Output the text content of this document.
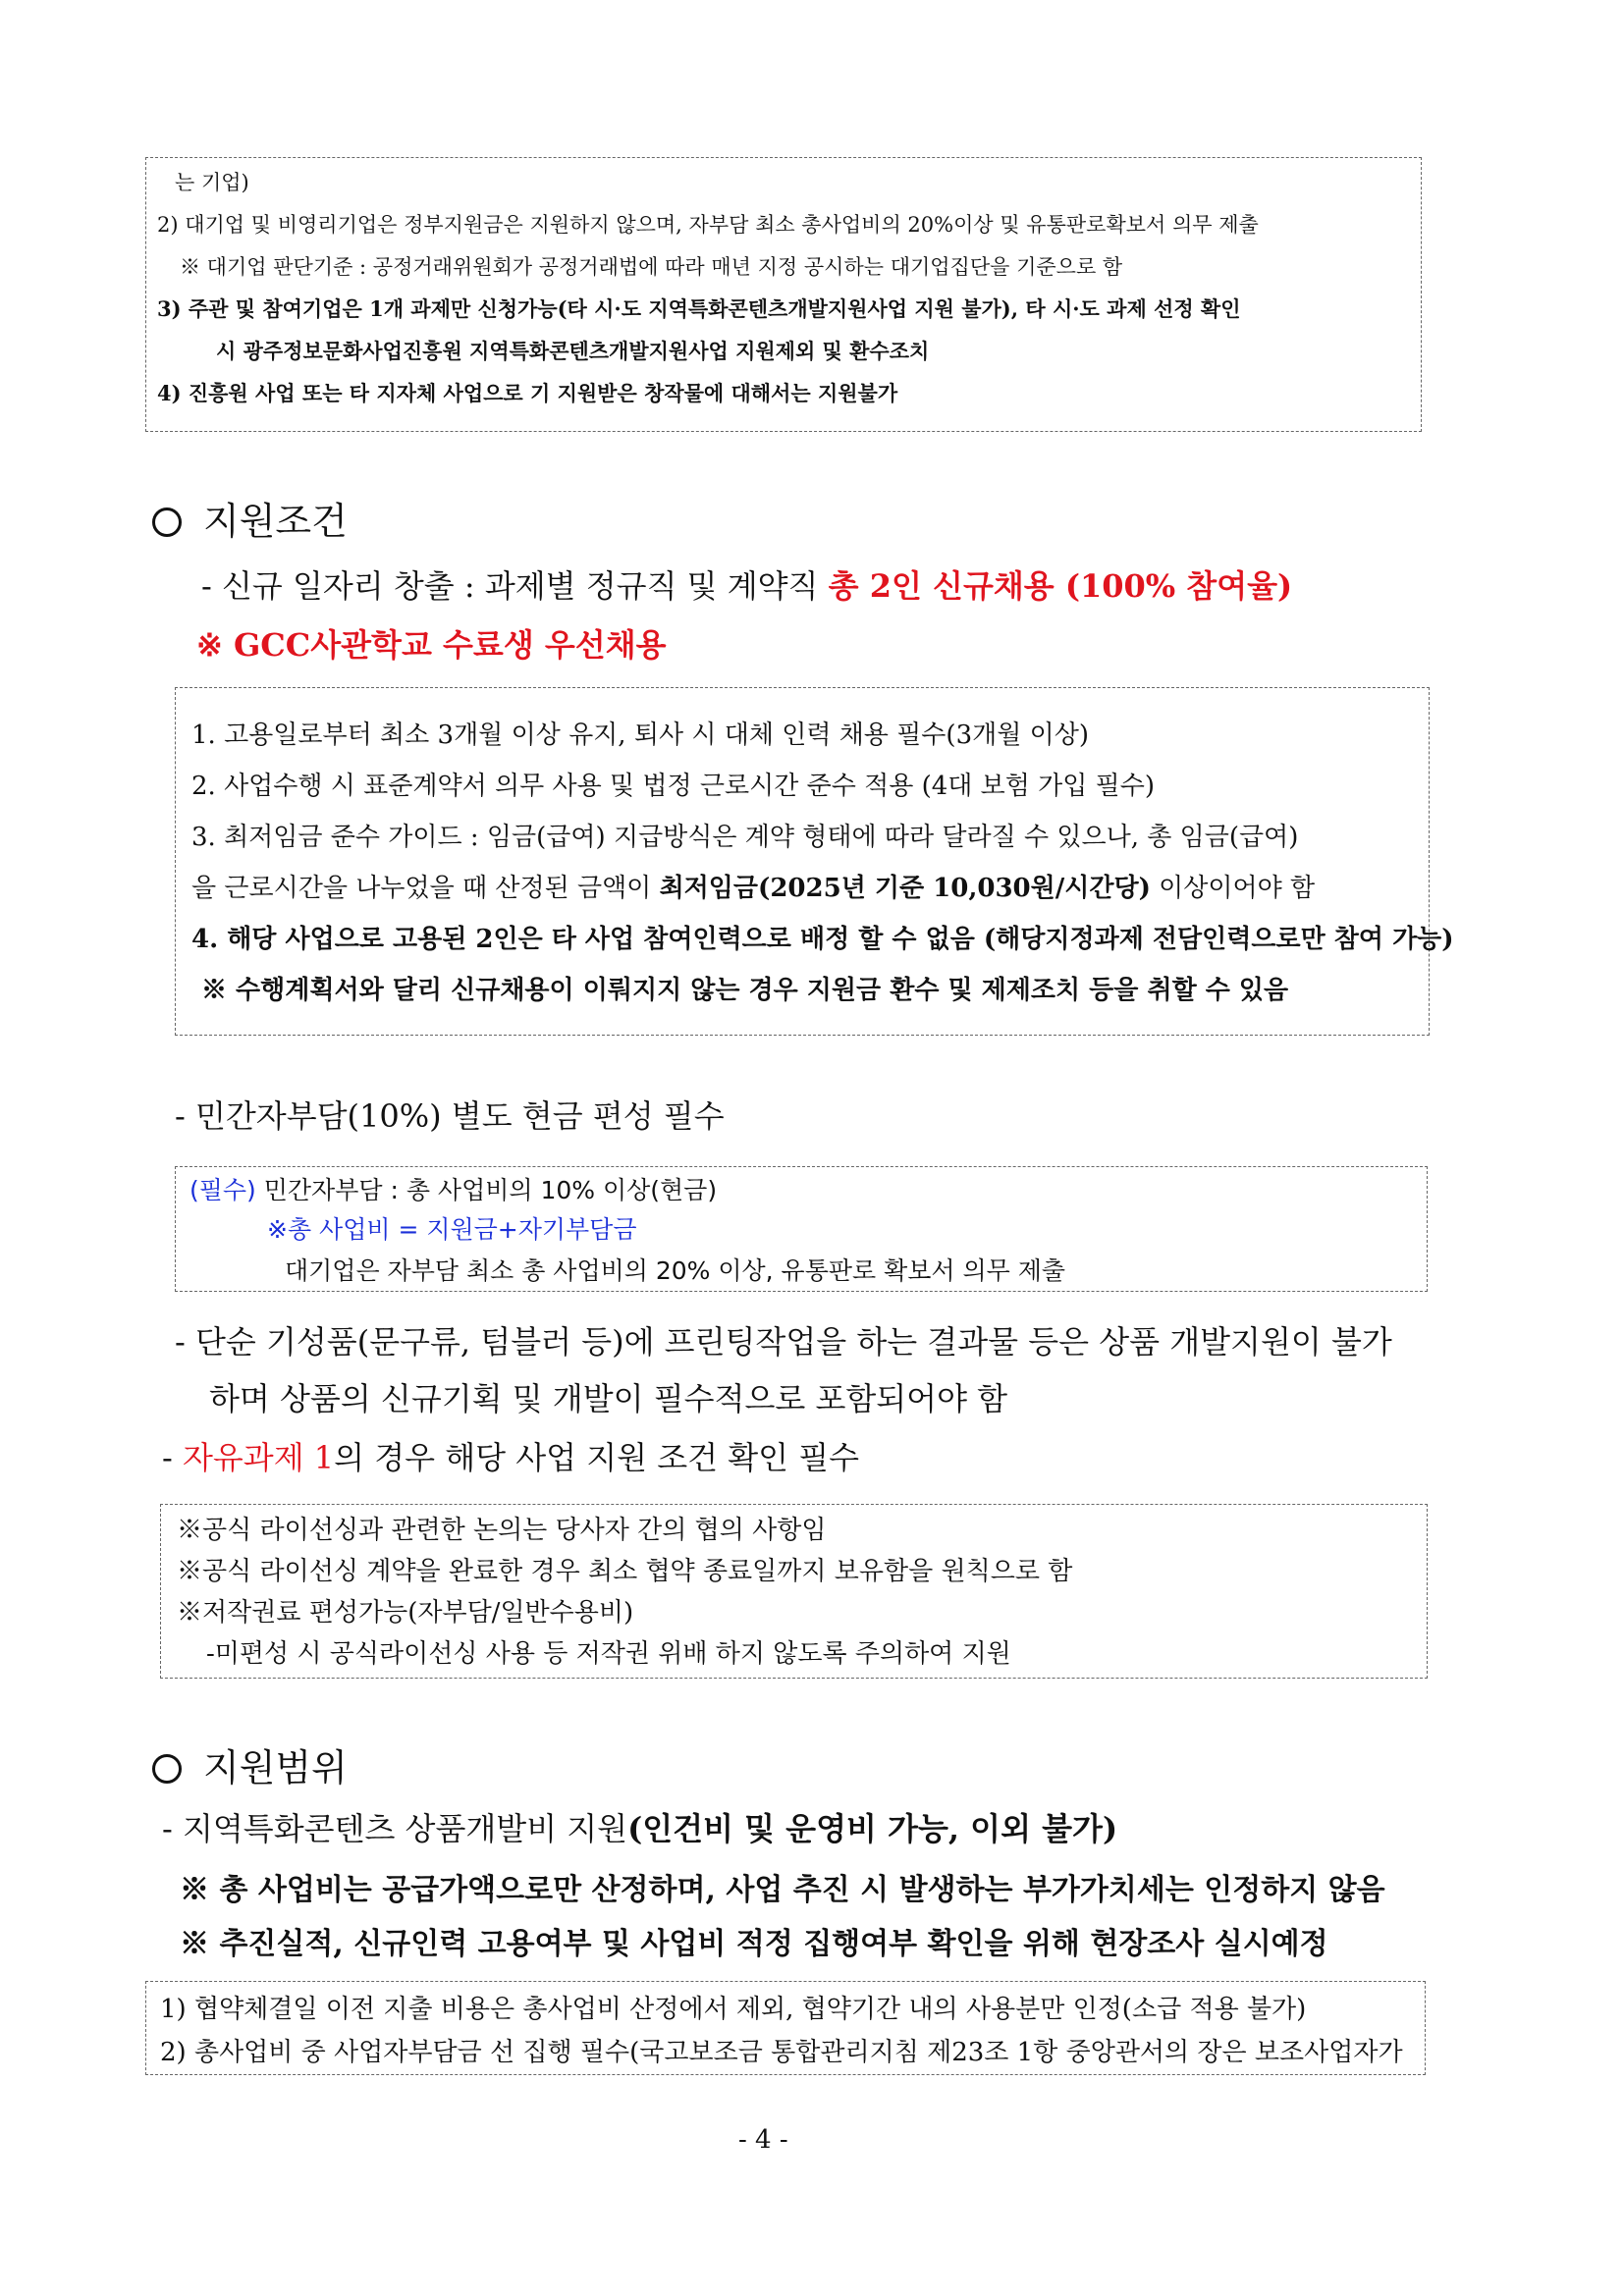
는 기업)
2) 대기업 및 비영리기업은 정부지원금은 지원하지 않으며, 자부담 최소 총사업비의 20%이상 및 유통판로확보서 의무 제출
※ 대기업 판단기준 : 공정거래위원회가 공정거래법에 따라 매년 지정 공시하는 대기업집단을 기준으로 함
3) 주관 및 참여기업은 1개 과제만 신청가능(타 시·도 지역특화콘텐츠개발지원사업 지원 불가), 타 시·도 과제 선정 확인
시 광주정보문화사업진흥원 지역특화콘텐츠개발지원사업 지원제외 및 환수조치
4) 진흥원 사업 또는 타 지자체 사업으로 기 지원받은 창작물에 대해서는 지원불가
지원조건
- 신규 일자리 창출 : 과제별 정규직 및 계약직 총 2인 신규채용 (100% 참여율)
※ GCC사관학교 수료생 우선채용
1. 고용일로부터 최소 3개월 이상 유지, 퇴사 시 대체 인력 채용 필수(3개월 이상)
2. 사업수행 시 표준계약서 의무 사용 및 법정 근로시간 준수 적용 (4대 보험 가입 필수)
3. 최저임금 준수 가이드 : 임금(급여) 지급방식은 계약 형태에 따라 달라질 수 있으나, 총 임금(급여)
을 근로시간을 나누었을 때 산정된 금액이 최저임금(2025년 기준 10,030원/시간당) 이상이어야 함
4. 해당 사업으로 고용된 2인은 타 사업 참여인력으로 배정 할 수 없음 (해당지정과제 전담인력으로만 참여 가능)
※ 수행계획서와 달리 신규채용이 이뤄지지 않는 경우 지원금 환수 및 제제조치 등을 취할 수 있음
- 민간자부담(10%) 별도 현금 편성 필수
(필수) 민간자부담 : 총 사업비의 10% 이상(현금)
※총 사업비 = 지원금+자기부담금
대기업은 자부담 최소 총 사업비의 20% 이상, 유통판로 확보서 의무 제출
- 단순 기성품(문구류, 텀블러 등)에 프린팅작업을 하는 결과물 등은 상품 개발지원이 불가
하며 상품의 신규기획 및 개발이 필수적으로 포함되어야 함
- 자유과제 1의 경우 해당 사업 지원 조건 확인 필수
※공식 라이선싱과 관련한 논의는 당사자 간의 협의 사항임
※공식 라이선싱 계약을 완료한 경우 최소 협약 종료일까지 보유함을 원칙으로 함
※저작권료 편성가능(자부담/일반수용비)
-미편성 시 공식라이선싱 사용 등 저작권 위배 하지 않도록 주의하여 지원
지원범위
- 지역특화콘텐츠 상품개발비 지원(인건비 및 운영비 가능, 이외 불가)
※ 총 사업비는 공급가액으로만 산정하며, 사업 추진 시 발생하는 부가가치세는 인정하지 않음
※ 추진실적, 신규인력 고용여부 및 사업비 적정 집행여부 확인을 위해 현장조사 실시예정
1) 협약체결일 이전 지출 비용은 총사업비 산정에서 제외, 협약기간 내의 사용분만 인정(소급 적용 불가)
2) 총사업비 중 사업자부담금 선 집행 필수(국고보조금 통합관리지침 제23조 1항 중앙관서의 장은 보조사업자가
- 4 -
